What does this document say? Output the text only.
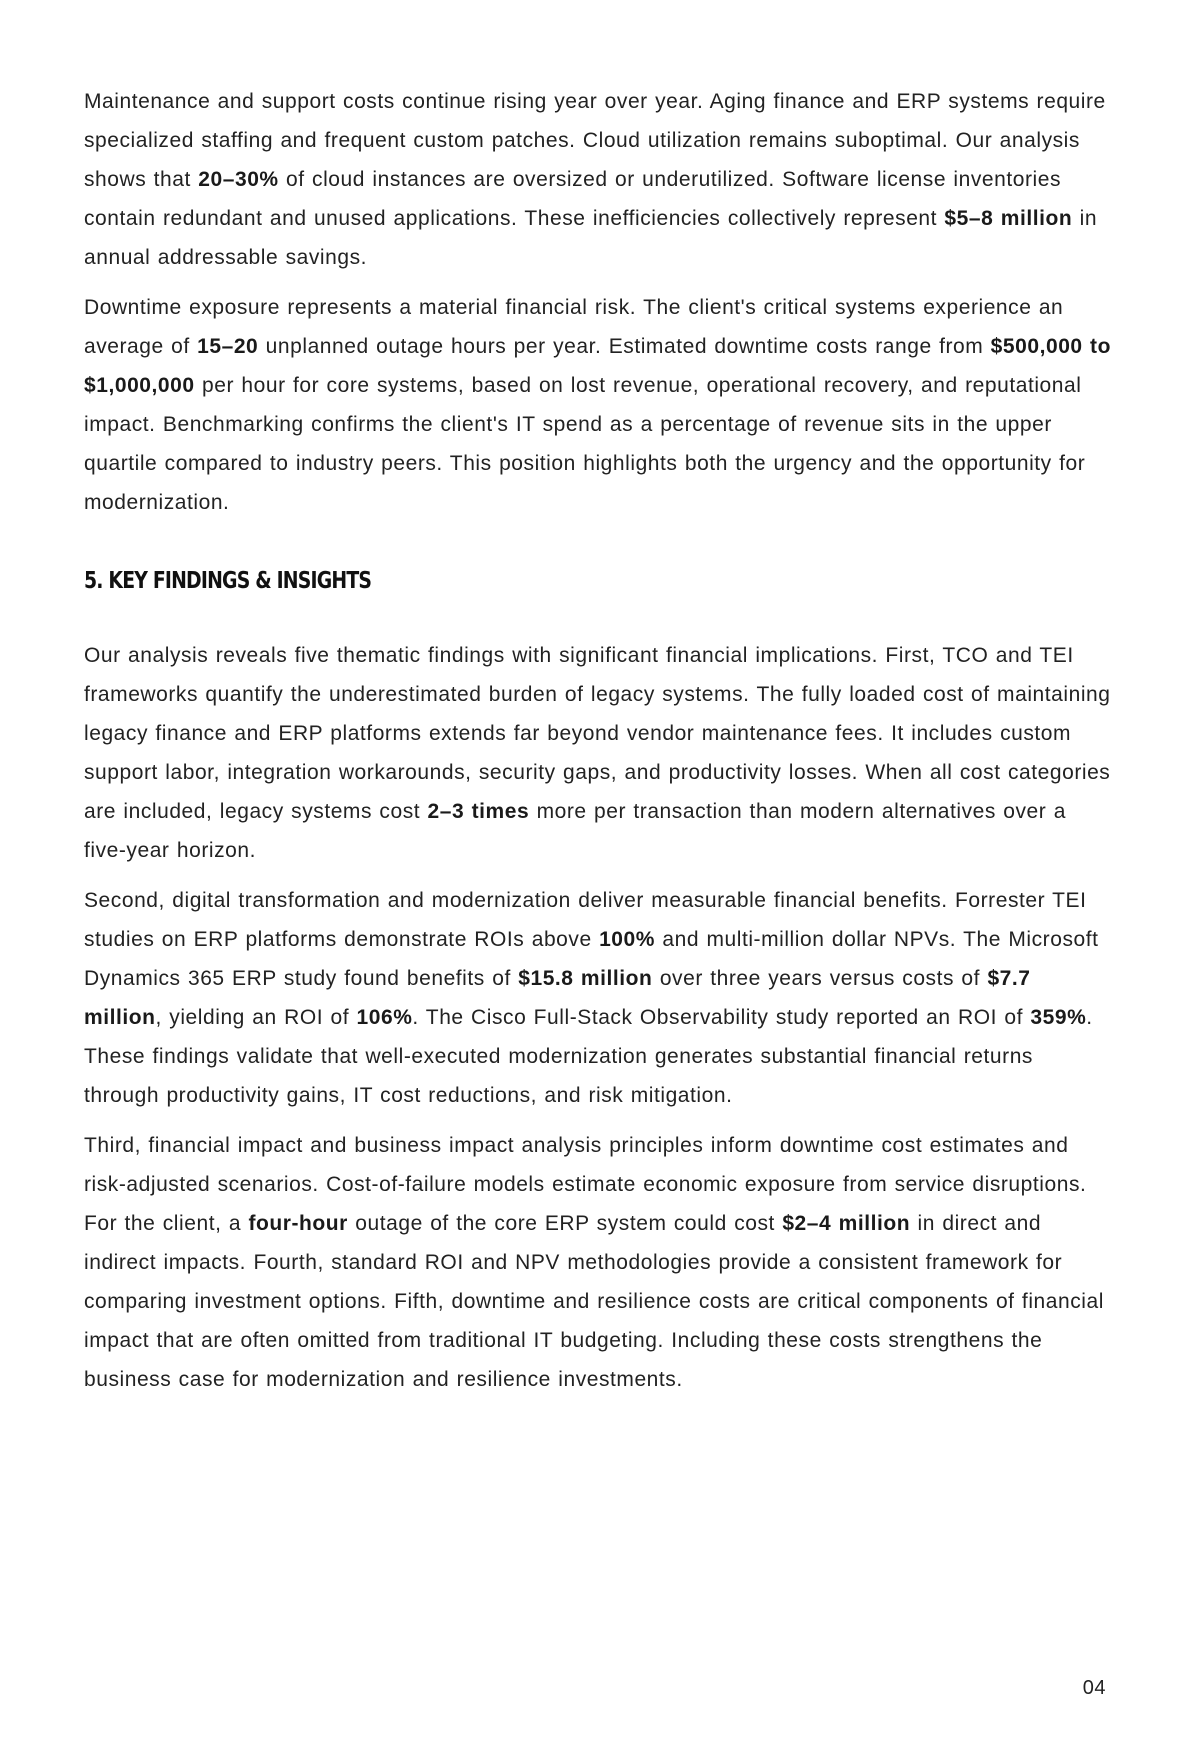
Maintenance and support costs continue rising year over year. Aging finance and ERP systems require specialized staffing and frequent custom patches. Cloud utilization remains suboptimal. Our analysis shows that 20–30% of cloud instances are oversized or underutilized. Software license inventories contain redundant and unused applications. These inefficiencies collectively represent $5–8 million in annual addressable savings.

Downtime exposure represents a material financial risk. The client's critical systems experience an average of 15–20 unplanned outage hours per year. Estimated downtime costs range from $500,000 to $1,000,000 per hour for core systems, based on lost revenue, operational recovery, and reputational impact. Benchmarking confirms the client's IT spend as a percentage of revenue sits in the upper quartile compared to industry peers. This position highlights both the urgency and the opportunity for modernization.

5. KEY FINDINGS & INSIGHTS

Our analysis reveals five thematic findings with significant financial implications. First, TCO and TEI frameworks quantify the underestimated burden of legacy systems. The fully loaded cost of maintaining legacy finance and ERP platforms extends far beyond vendor maintenance fees. It includes custom support labor, integration workarounds, security gaps, and productivity losses. When all cost categories are included, legacy systems cost 2–3 times more per transaction than modern alternatives over a five-year horizon.

Second, digital transformation and modernization deliver measurable financial benefits. Forrester TEI studies on ERP platforms demonstrate ROIs above 100% and multi-million dollar NPVs. The Microsoft Dynamics 365 ERP study found benefits of $15.8 million over three years versus costs of $7.7 million, yielding an ROI of 106%. The Cisco Full-Stack Observability study reported an ROI of 359%. These findings validate that well-executed modernization generates substantial financial returns through productivity gains, IT cost reductions, and risk mitigation.

Third, financial impact and business impact analysis principles inform downtime cost estimates and risk-adjusted scenarios. Cost-of-failure models estimate economic exposure from service disruptions. For the client, a four-hour outage of the core ERP system could cost $2–4 million in direct and indirect impacts. Fourth, standard ROI and NPV methodologies provide a consistent framework for comparing investment options. Fifth, downtime and resilience costs are critical components of financial impact that are often omitted from traditional IT budgeting. Including these costs strengthens the business case for modernization and resilience investments.

04
